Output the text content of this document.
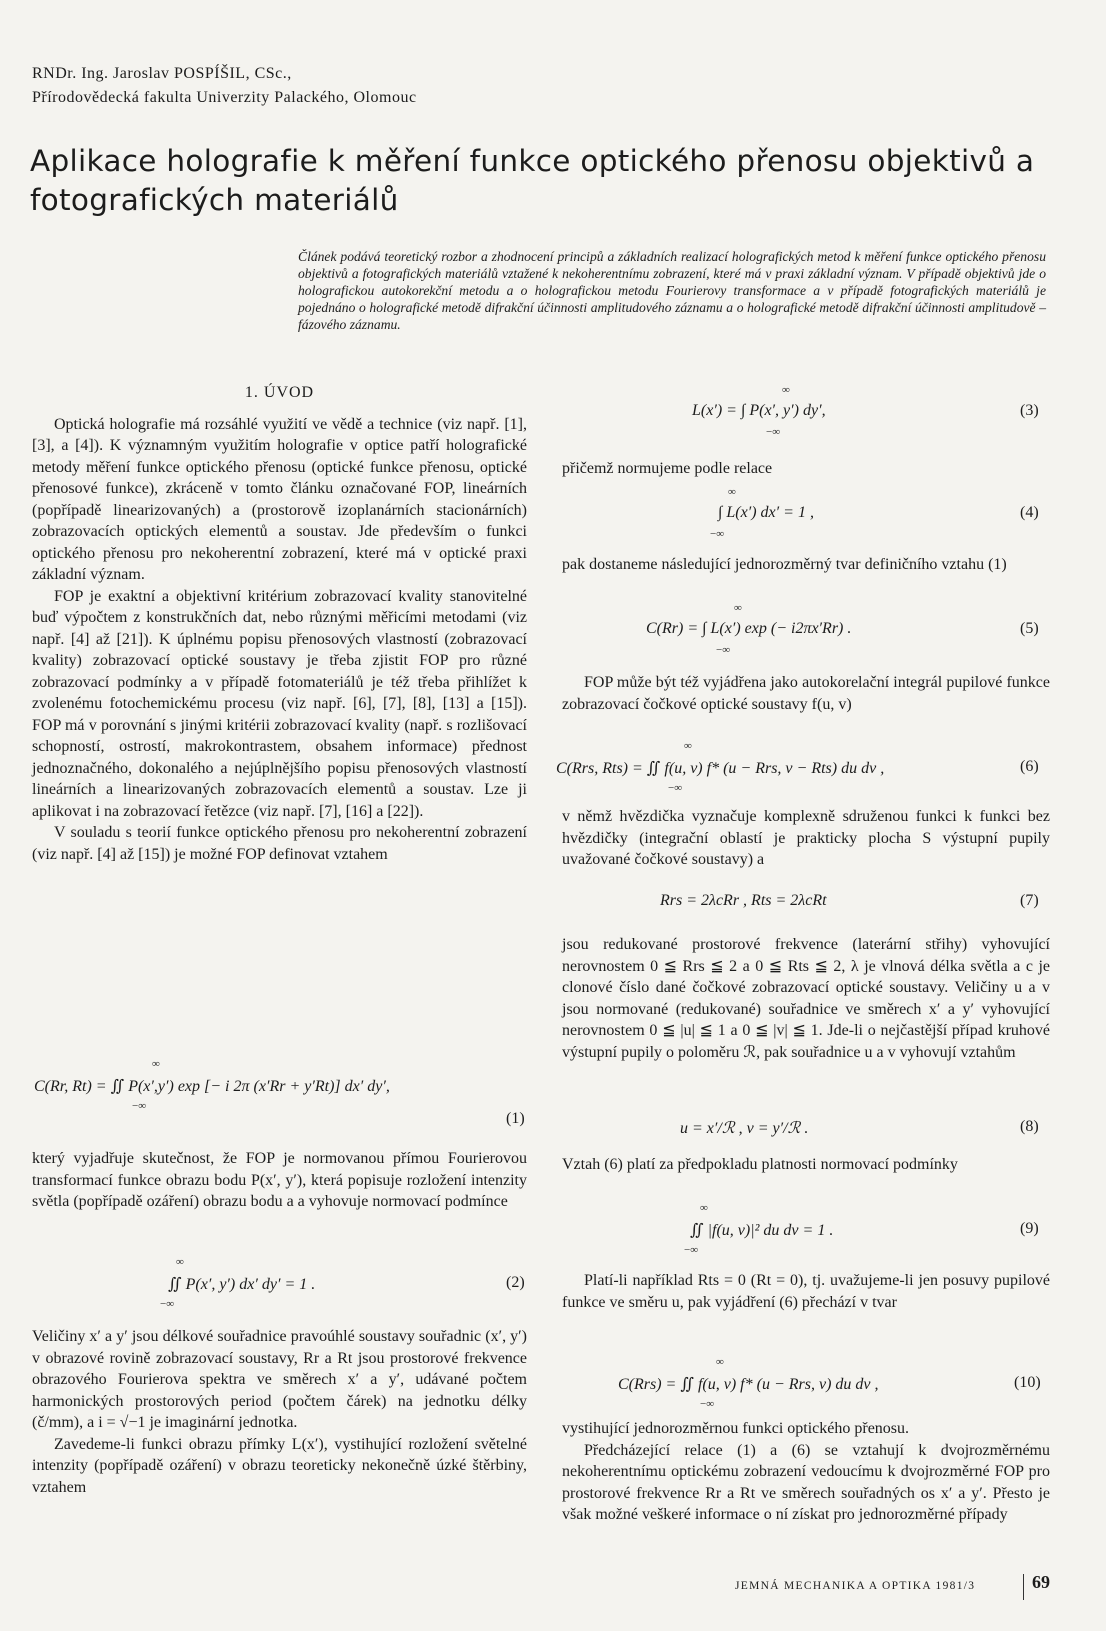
RNDr. Ing. Jaroslav POSPÍŠIL, CSc.,
Přírodovědecká fakulta Univerzity Palackého, Olomouc
Aplikace holografie k měření funkce optického přenosu objektivů a fotografických materiálů
Článek podává teoretický rozbor a zhodnocení principů a základních realizací holografických metod k měření funkce optického přenosu objektivů a fotografických materiálů vztažené k nekoherentnímu zobrazení, které má v praxi základní význam. V případě objektivů jde o holografickou autokorekční metodu a o holografickou metodu Fourierovy transformace a v případě fotografických materiálů je pojednáno o holografické metodě difrakční účinnosti amplitudového záznamu a o holografické metodě difrakční účinnosti amplitudově – fázového záznamu.
1. ÚVOD

Optická holografie má rozsáhlé využití ve vědě a technice (viz např. [1], [3], a [4]). K významným využitím holografie v optice patří holografické metody měření funkce optického přenosu (optické funkce přenosu, optické přenosové funkce), zkráceně v tomto článku označované FOP, lineárních (popřípadě linearizovaných) a (prostorově izoplanárních stacionárních) zobrazovacích optických elementů a soustav. Jde především o funkci optického přenosu pro nekoherentní zobrazení, které má v optické praxi základní význam.

FOP je exaktní a objektivní kritérium zobrazovací kvality stanovitelné buď výpočtem z konstrukčních dat, nebo různými měřicími metodami (viz např. [4] až [21]). K úplnému popisu přenosových vlastností (zobrazovací kvality) zobrazovací optické soustavy je třeba zjistit FOP pro různé zobrazovací podmínky a v případě fotomateriálů je též třeba přihlížet k zvolenému fotochemickému procesu (viz např. [6], [7], [8], [13] a [15]). FOP má v porovnání s jinými kritérii zobrazovací kvality (např. s rozlišovací schopností, ostrostí, makrokontrastem, obsahem informace) přednost jednoznačného, dokonalého a nejúplnějšího popisu přenosových vlastností lineárních a linearizovaných zobrazovacích elementů a soustav. Lze ji aplikovat i na zobrazovací řetězce (viz např. [7], [16] a [22]).

V souladu s teorií funkce optického přenosu pro nekoherentní zobrazení (viz např. [4] až [15]) je možné FOP definovat vztahem

∞
C(Rr, Rt) = ∬ P(x′,y′) exp [− i 2π (x′Rr + y′Rt)] dx′ dy′,
−∞
(1)

který vyjadřuje skutečnost, že FOP je normovanou přímou Fourierovou transformací funkce obrazu bodu P(x′, y′), která popisuje rozložení intenzity světla (popřípadě ozáření) obrazu bodu a a vyhovuje normovací podmínce

∞
∬ P(x′, y′) dx′ dy′ = 1 .
−∞
(2)

Veličiny x′ a y′ jsou délkové souřadnice pravoúhlé soustavy souřadnic (x′, y′) v obrazové rovině zobrazovací soustavy, Rr a Rt jsou prostorové frekvence obrazového Fourierova spektra ve směrech x′ a y′, udávané počtem harmonických prostorových period (počtem čárek) na jednotku délky (č/mm), a i = √−1 je imaginární jednotka.

Zavedeme-li funkci obrazu přímky L(x′), vystihující rozložení světelné intenzity (popřípadě ozáření) v obrazu teoreticky nekonečně úzké štěrbiny, vztahem

∞
L(x′) = ∫ P(x′, y′) dy′,
−∞
(3)

přičemž normujeme podle relace

∞
∫ L(x′) dx′ = 1 ,
−∞
(4)

pak dostaneme následující jednorozměrný tvar definičního vztahu (1)

∞
C(Rr) = ∫ L(x′) exp (− i2πx′Rr) .
−∞
(5)

FOP může být též vyjádřena jako autokorelační integrál pupilové funkce zobrazovací čočkové optické soustavy f(u, v)

∞
C(Rrs, Rts) = ∬ f(u, v) f* (u − Rrs, v − Rts) du dv ,
−∞
(6)

v němž hvězdička vyznačuje komplexně sdruženou funkci k funkci bez hvězdičky (integrační oblastí je prakticky plocha S výstupní pupily uvažované čočkové soustavy) a

Rrs = 2λcRr , Rts = 2λcRt	(7)

jsou redukované prostorové frekvence (laterární střihy) vyhovující nerovnostem 0 ≦ Rrs ≦ 2 a 0 ≦ Rts ≦ 2, λ je vlnová délka světla a c je clonové číslo dané čočkové zobrazovací optické soustavy. Veličiny u a v jsou normované (redukované) souřadnice ve směrech x′ a y′ vyhovující nerovnostem 0 ≦ |u| ≦ 1 a 0 ≦ |v| ≦ 1. Jde-li o nejčastější případ kruhové výstupní pupily o poloměru ℛ, pak souřadnice u a v vyhovují vztahům

u = x′/ℛ , v = y′/ℛ .	(8)

Vztah (6) platí za předpokladu platnosti normovací podmínky

∞
∬ |f(u, v)|² du dv = 1 .
−∞
(9)

Platí-li například Rts = 0 (Rt = 0), tj. uvažujeme-li jen posuvy pupilové funkce ve směru u, pak vyjádření (6) přechází v tvar

∞
C(Rrs) = ∬ f(u, v) f* (u − Rrs, v) du dv ,
−∞
(10)

vystihující jednorozměrnou funkci optického přenosu.

Předcházející relace (1) a (6) se vztahují k dvojrozměrnému nekoherentnímu optickému zobrazení vedoucímu k dvojrozměrné FOP pro prostorové frekvence Rr a Rt ve směrech souřadných os x′ a y′. Přesto je však možné veškeré informace o ní získat pro jednorozměrné případy

JEMNÁ MECHANIKA A OPTIKA 1981/3	69
